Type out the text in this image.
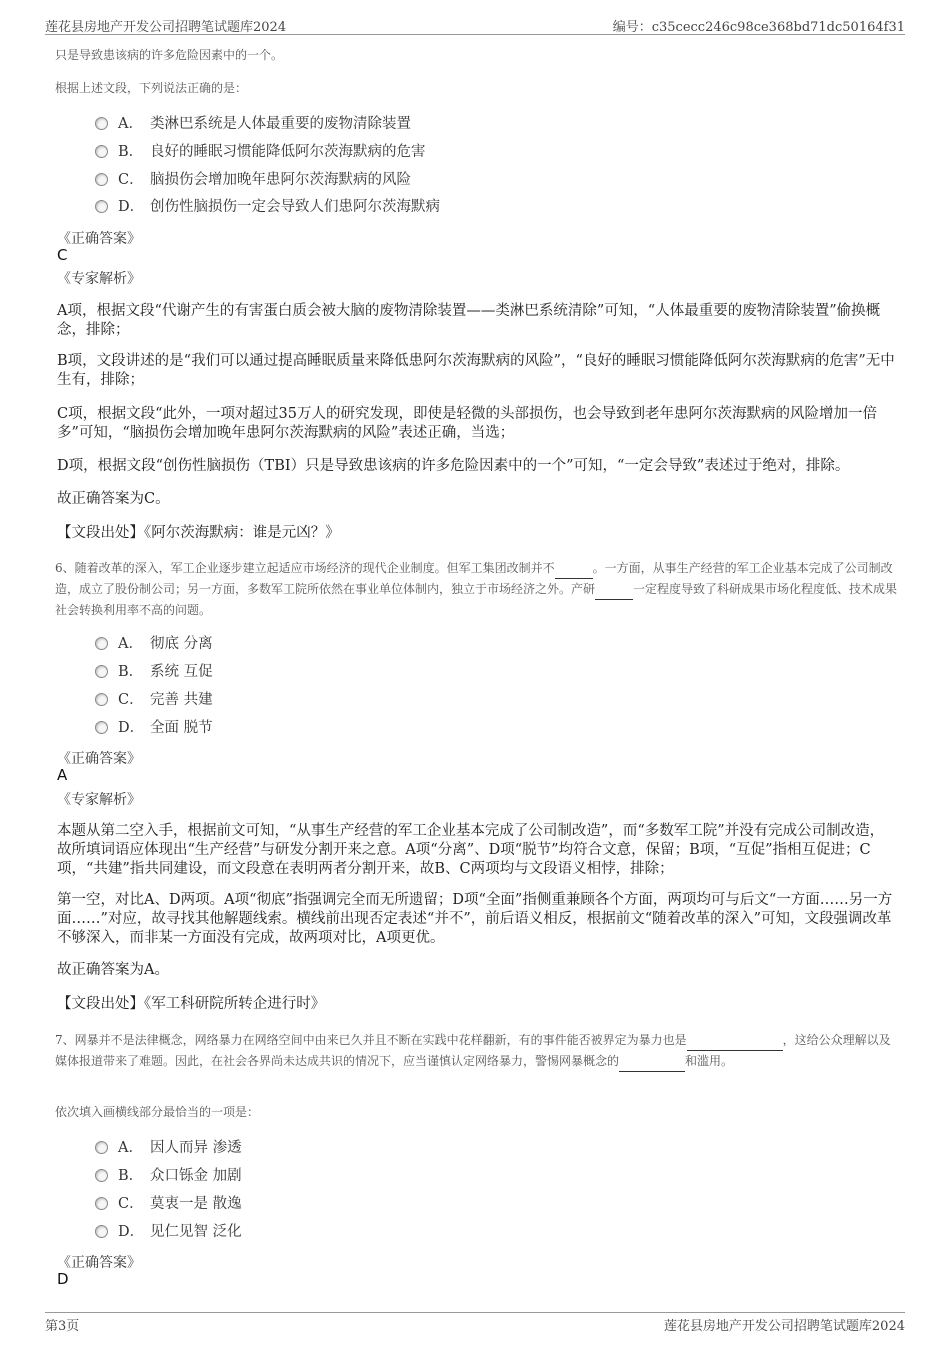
莲花县房地产开发公司招聘笔试题库2024	编号：c35cecc246c98ce368bd71dc50164f31
只是导致患该病的许多危险因素中的一个。
根据上述文段，下列说法正确的是：
A． 类淋巴系统是人体最重要的废物清除装置
B． 良好的睡眠习惯能降低阿尔茨海默病的危害
C． 脑损伤会增加晚年患阿尔茨海默病的风险
D． 创伤性脑损伤一定会导致人们患阿尔茨海默病
《正确答案》
C
《专家解析》
A项，根据文段“代谢产生的有害蛋白质会被大脑的废物清除装置——类淋巴系统清除”可知，“人体最重要的废物清除装置”偷换概念，排除；
B项，文段讲述的是“我们可以通过提高睡眠质量来降低患阿尔茨海默病的风险”，“良好的睡眠习惯能降低阿尔茨海默病的危害”无中生有，排除；
C项，根据文段“此外，一项对超过35万人的研究发现，即使是轻微的头部损伤，也会导致到老年患阿尔茨海默病的风险增加一倍多”可知，“脑损伤会增加晚年患阿尔茨海默病的风险”表述正确，当选；
D项，根据文段“创伤性脑损伤（TBI）只是导致患该病的许多危险因素中的一个”可知，“一定会导致”表述过于绝对，排除。
故正确答案为C。
【文段出处】《阿尔茨海默病：谁是元凶？》
6、随着改革的深入，军工企业逐步建立起适应市场经济的现代企业制度。但军工集团改制并不	。一方面，从事生产经营的军工企业基本完成了公司制改造，成立了股份制公司；另一方面，多数军工院所依然在事业单位体制内，独立于市场经济之外。产研	一定程度导致了科研成果市场化程度低、技术成果社会转换利用率不高的问题。
A． 彻底 分离
B． 系统 互促
C． 完善 共建
D． 全面 脱节
《正确答案》
A
《专家解析》
本题从第二空入手，根据前文可知，“从事生产经营的军工企业基本完成了公司制改造”，而“多数军工院”并没有完成公司制改造，故所填词语应体现出“生产经营”与研发分割开来之意。A项“分离”、D项“脱节”均符合文意，保留；B项，“互促”指相互促进；C项，“共建”指共同建设，而文段意在表明两者分割开来，故B、C两项均与文段语义相悖，排除；
第一空，对比A、D两项。A项“彻底”指强调完全而无所遗留；D项“全面”指侧重兼顾各个方面，两项均可与后文“一方面……另一方面……”对应，故寻找其他解题线索。横线前出现否定表述“并不”，前后语义相反，根据前文“随着改革的深入”可知，文段强调改革不够深入，而非某一方面没有完成，故两项对比，A项更优。
故正确答案为A。
【文段出处】《军工科研院所转企进行时》
7、网暴并不是法律概念，网络暴力在网络空间中由来已久并且不断在实践中花样翻新，有的事件能否被界定为暴力也是	，这给公众理解以及媒体报道带来了难题。因此，在社会各界尚未达成共识的情况下，应当谨慎认定网络暴力，警惕网暴概念的	和滥用。
依次填入画横线部分最恰当的一项是：
A． 因人而异 渗透
B． 众口铄金 加剧
C． 莫衷一是 散逸
D． 见仁见智 泛化
《正确答案》
D
第3页	莲花县房地产开发公司招聘笔试题库2024
